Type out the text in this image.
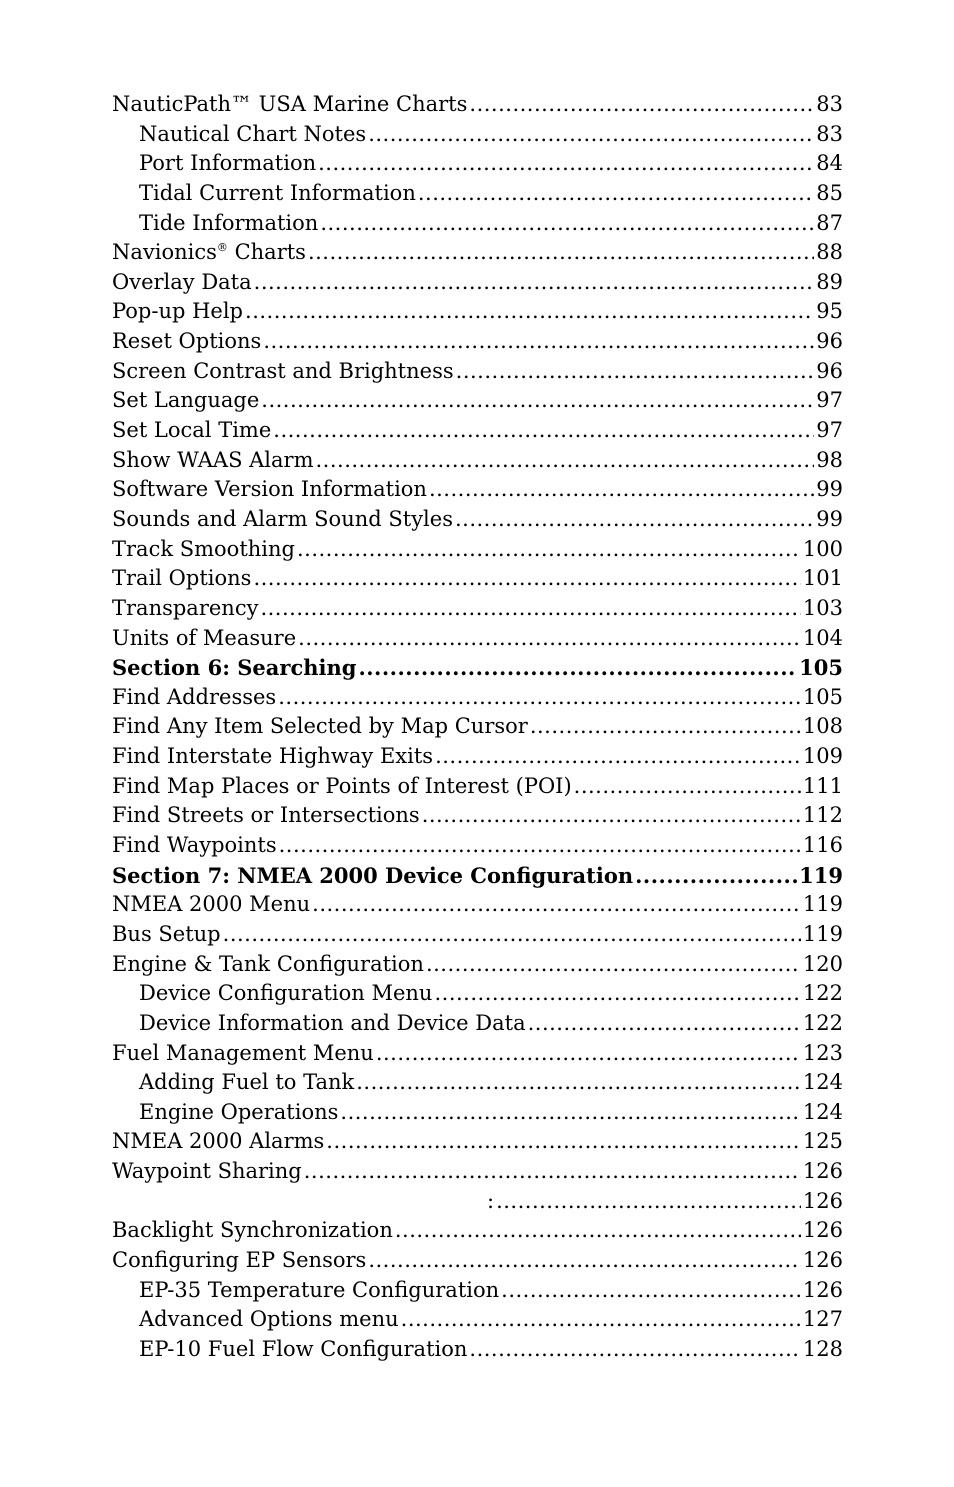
NauticPath™ USA Marine Charts .....	83
Nautical Chart Notes .....	83
Port Information .....	84
Tidal Current Information .....	85
Tide Information .....	87
Navionics® Charts .....	88
Overlay Data .....	89
Pop-up Help .....	95
Reset Options .....	96
Screen Contrast and Brightness .....	96
Set Language .....	97
Set Local Time .....	97
Show WAAS Alarm .....	98
Software Version Information .....	99
Sounds and Alarm Sound Styles .....	99
Track Smoothing .....	100
Trail Options .....	101
Transparency .....	103
Units of Measure .....	104
Section 6: Searching .....	105
Find Addresses .....	105
Find Any Item Selected by Map Cursor .....	108
Find Interstate Highway Exits .....	109
Find Map Places or Points of Interest (POI) .....	111
Find Streets or Intersections .....	112
Find Waypoints .....	116
Section 7: NMEA 2000 Device Configuration .....	119
NMEA 2000 Menu .....	119
Bus Setup .....	119
Engine & Tank Configuration .....	120
Device Configuration Menu .....	122
Device Information and Device Data .....	122
Fuel Management Menu .....	123
Adding Fuel to Tank .....	124
Engine Operations .....	124
NMEA 2000 Alarms .....	125
Waypoint Sharing .....	126
: .....	126
Backlight Synchronization .....	126
Configuring EP Sensors .....	126
EP-35 Temperature Configuration .....	126
Advanced Options menu .....	127
EP-10 Fuel Flow Configuration .....	128
